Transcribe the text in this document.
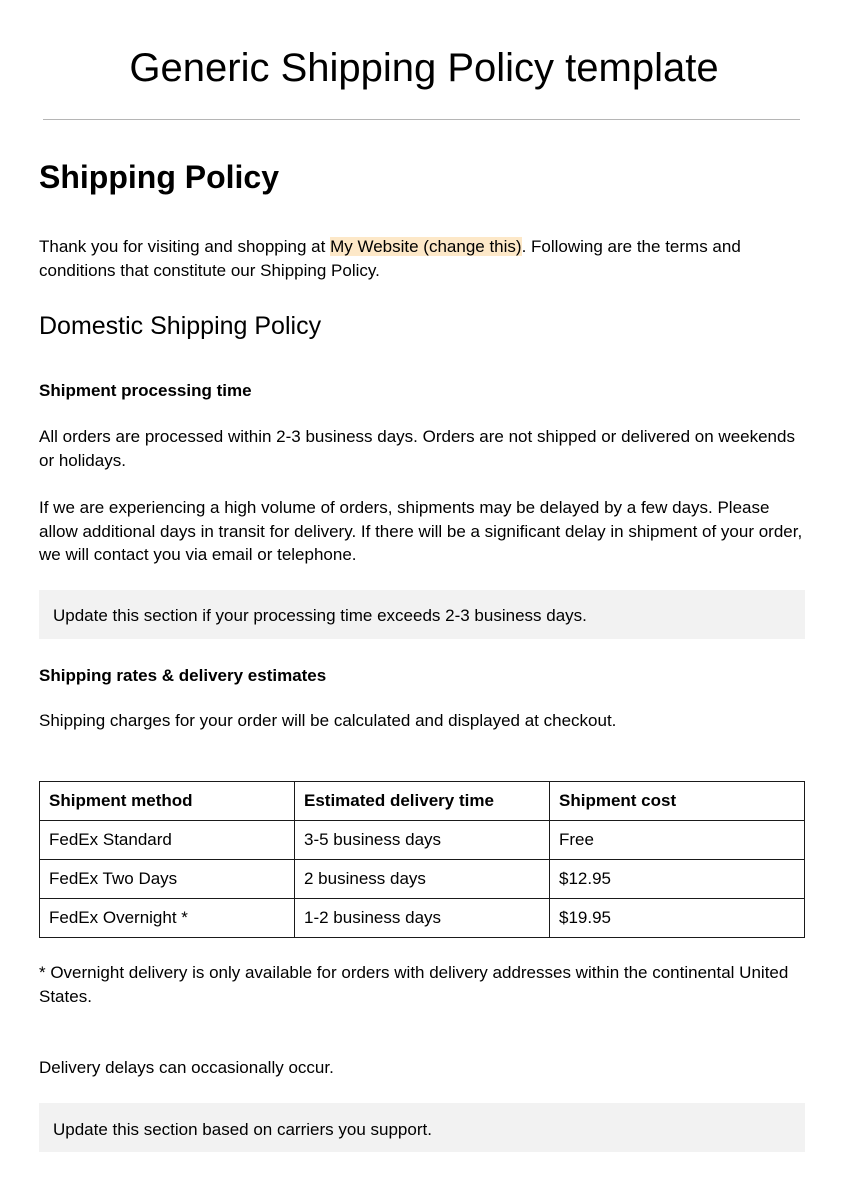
Generic Shipping Policy template
Shipping Policy
Thank you for visiting and shopping at My Website (change this). Following are the terms and conditions that constitute our Shipping Policy.
Domestic Shipping Policy
Shipment processing time
All orders are processed within 2-3 business days. Orders are not shipped or delivered on weekends or holidays.
If we are experiencing a high volume of orders, shipments may be delayed by a few days. Please allow additional days in transit for delivery. If there will be a significant delay in shipment of your order, we will contact you via email or telephone.
Update this section if your processing time exceeds 2-3 business days.
Shipping rates & delivery estimates
Shipping charges for your order will be calculated and displayed at checkout.
Shipment method	Estimated delivery time	Shipment cost
FedEx Standard	3-5 business days	Free
FedEx Two Days	2 business days	$12.95
FedEx Overnight *	1-2 business days	$19.95
* Overnight delivery is only available for orders with delivery addresses within the continental United States.
Delivery delays can occasionally occur.
Update this section based on carriers you support.
